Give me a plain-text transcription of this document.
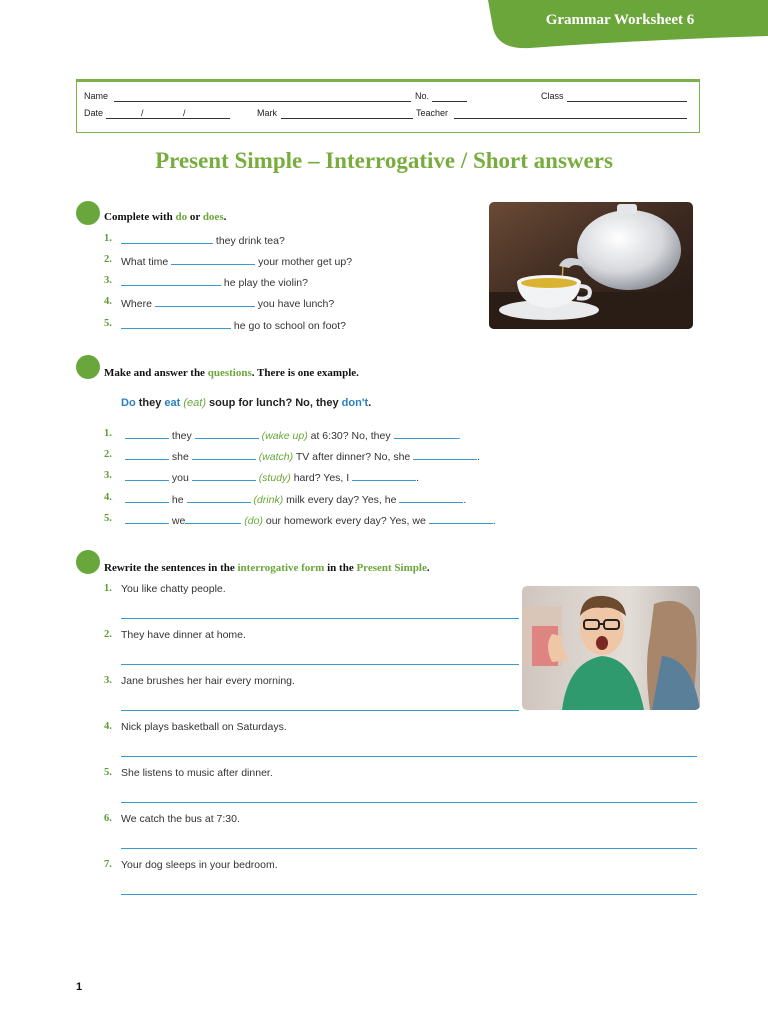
Grammar Worksheet 6
Name	No.	Class
Date	/	/	Mark	Teacher
Present Simple – Interrogative / Short answers
Complete with do or does.
1.	they drink tea?
2. What time	your mother get up?
3.	he play the violin?
4. Where	you have lunch?
5.	he go to school on foot?
Make and answer the questions. There is one example.
Do they eat (eat) soup for lunch? No, they don't.
1.	they	(wake up) at 6:30? No, they	.
2.	she	(watch) TV after dinner? No, she	.
3.	you	(study) hard? Yes, I	.
4.	he	(drink) milk every day? Yes, he	.
5.	we	(do) our homework every day? Yes, we	.
Rewrite the sentences in the interrogative form in the Present Simple.
1. You like chatty people.
2. They have dinner at home.
3. Jane brushes her hair every morning.
4. Nick plays basketball on Saturdays.
5. She listens to music after dinner.
6. We catch the bus at 7:30.
7. Your dog sleeps in your bedroom.
1
